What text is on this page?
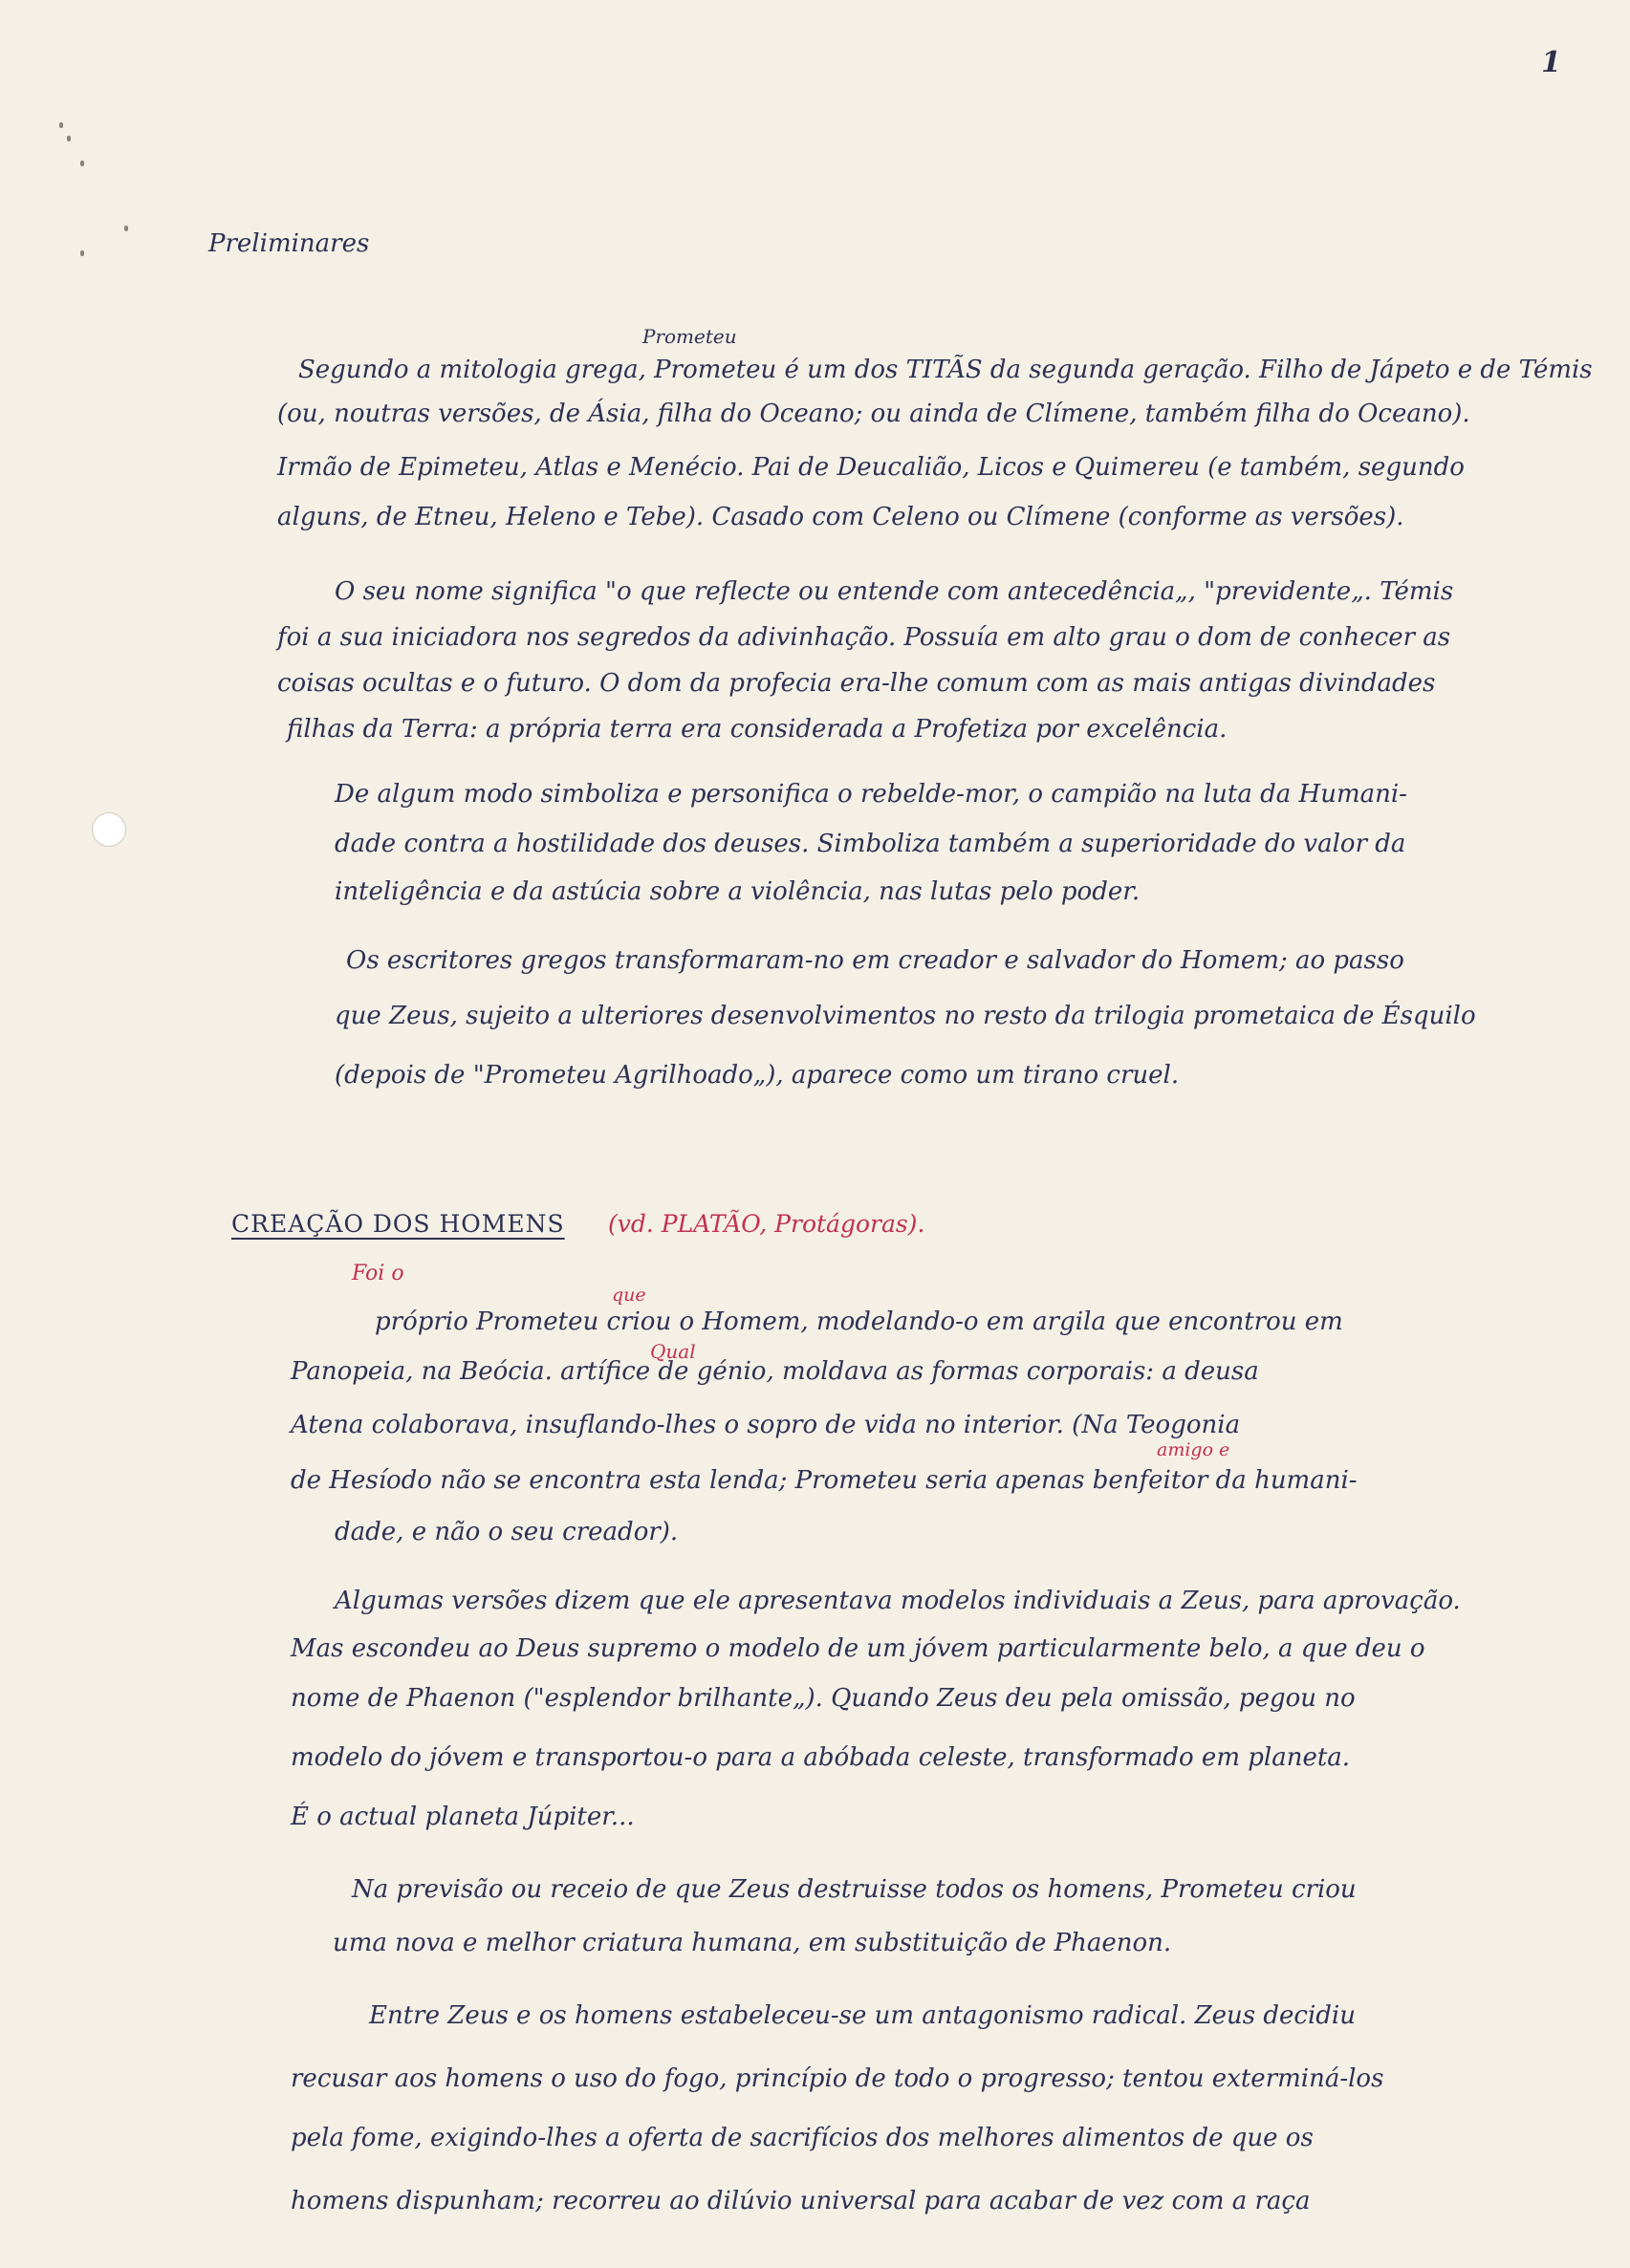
1
Preliminares
Prometeu
Segundo a mitologia grega, Prometeu é um dos TITÃS da segunda geração. Filho de Jápeto e de Témis
(ou, noutras versões, de Ásia, filha do Oceano; ou ainda de Clímene, também filha do Oceano).
Irmão de Epimeteu, Atlas e Menécio. Pai de Deucalião, Licos e Quimereu (e também, segundo
alguns, de Etneu, Heleno e Tebe). Casado com Celeno ou Clímene (conforme as versões).
O seu nome significa "o que reflecte ou entende com antecedência„, "previdente„. Témis
foi a sua iniciadora nos segredos da adivinhação. Possuía em alto grau o dom de conhecer as
coisas ocultas e o futuro. O dom da profecia era-lhe comum com as mais antigas divindades
filhas da Terra: a própria terra era considerada a Profetiza por excelência.
De algum modo simboliza e personifica o rebelde-mor, o campião na luta da Humani-
dade contra a hostilidade dos deuses. Simboliza também a superioridade do valor da
inteligência e da astúcia sobre a violência, nas lutas pelo poder.
Os escritores gregos transformaram-no em creador e salvador do Homem; ao passo
que Zeus, sujeito a ulteriores desenvolvimentos no resto da trilogia prometaica de Ésquilo
(depois de "Prometeu Agrilhoado„), aparece como um tirano cruel.
CREAÇÃO DOS HOMENS (vd. PLATÃO, Protágoras).
Foi o
que
próprio Prometeu criou o Homem, modelando-o em argila que encontrou em
Qual
Panopeia, na Beócia. artífice de génio, moldava as formas corporais: a deusa
Atena colaborava, insuflando-lhes o sopro de vida no interior. (Na Teogonia
amigo e
de Hesíodo não se encontra esta lenda; Prometeu seria apenas benfeitor da humani-
dade, e não o seu creador).
Algumas versões dizem que ele apresentava modelos individuais a Zeus, para aprovação.
Mas escondeu ao Deus supremo o modelo de um jóvem particularmente belo, a que deu o
nome de Phaenon ("esplendor brilhante„). Quando Zeus deu pela omissão, pegou no
modelo do jóvem e transportou-o para a abóbada celeste, transformado em planeta.
É o actual planeta Júpiter...
Na previsão ou receio de que Zeus destruisse todos os homens, Prometeu criou
uma nova e melhor criatura humana, em substituição de Phaenon.
Entre Zeus e os homens estabeleceu-se um antagonismo radical. Zeus decidiu
recusar aos homens o uso do fogo, princípio de todo o progresso; tentou exterminá-los
pela fome, exigindo-lhes a oferta de sacrifícios dos melhores alimentos de que os
homens dispunham; recorreu ao dilúvio universal para acabar de vez com a raça
